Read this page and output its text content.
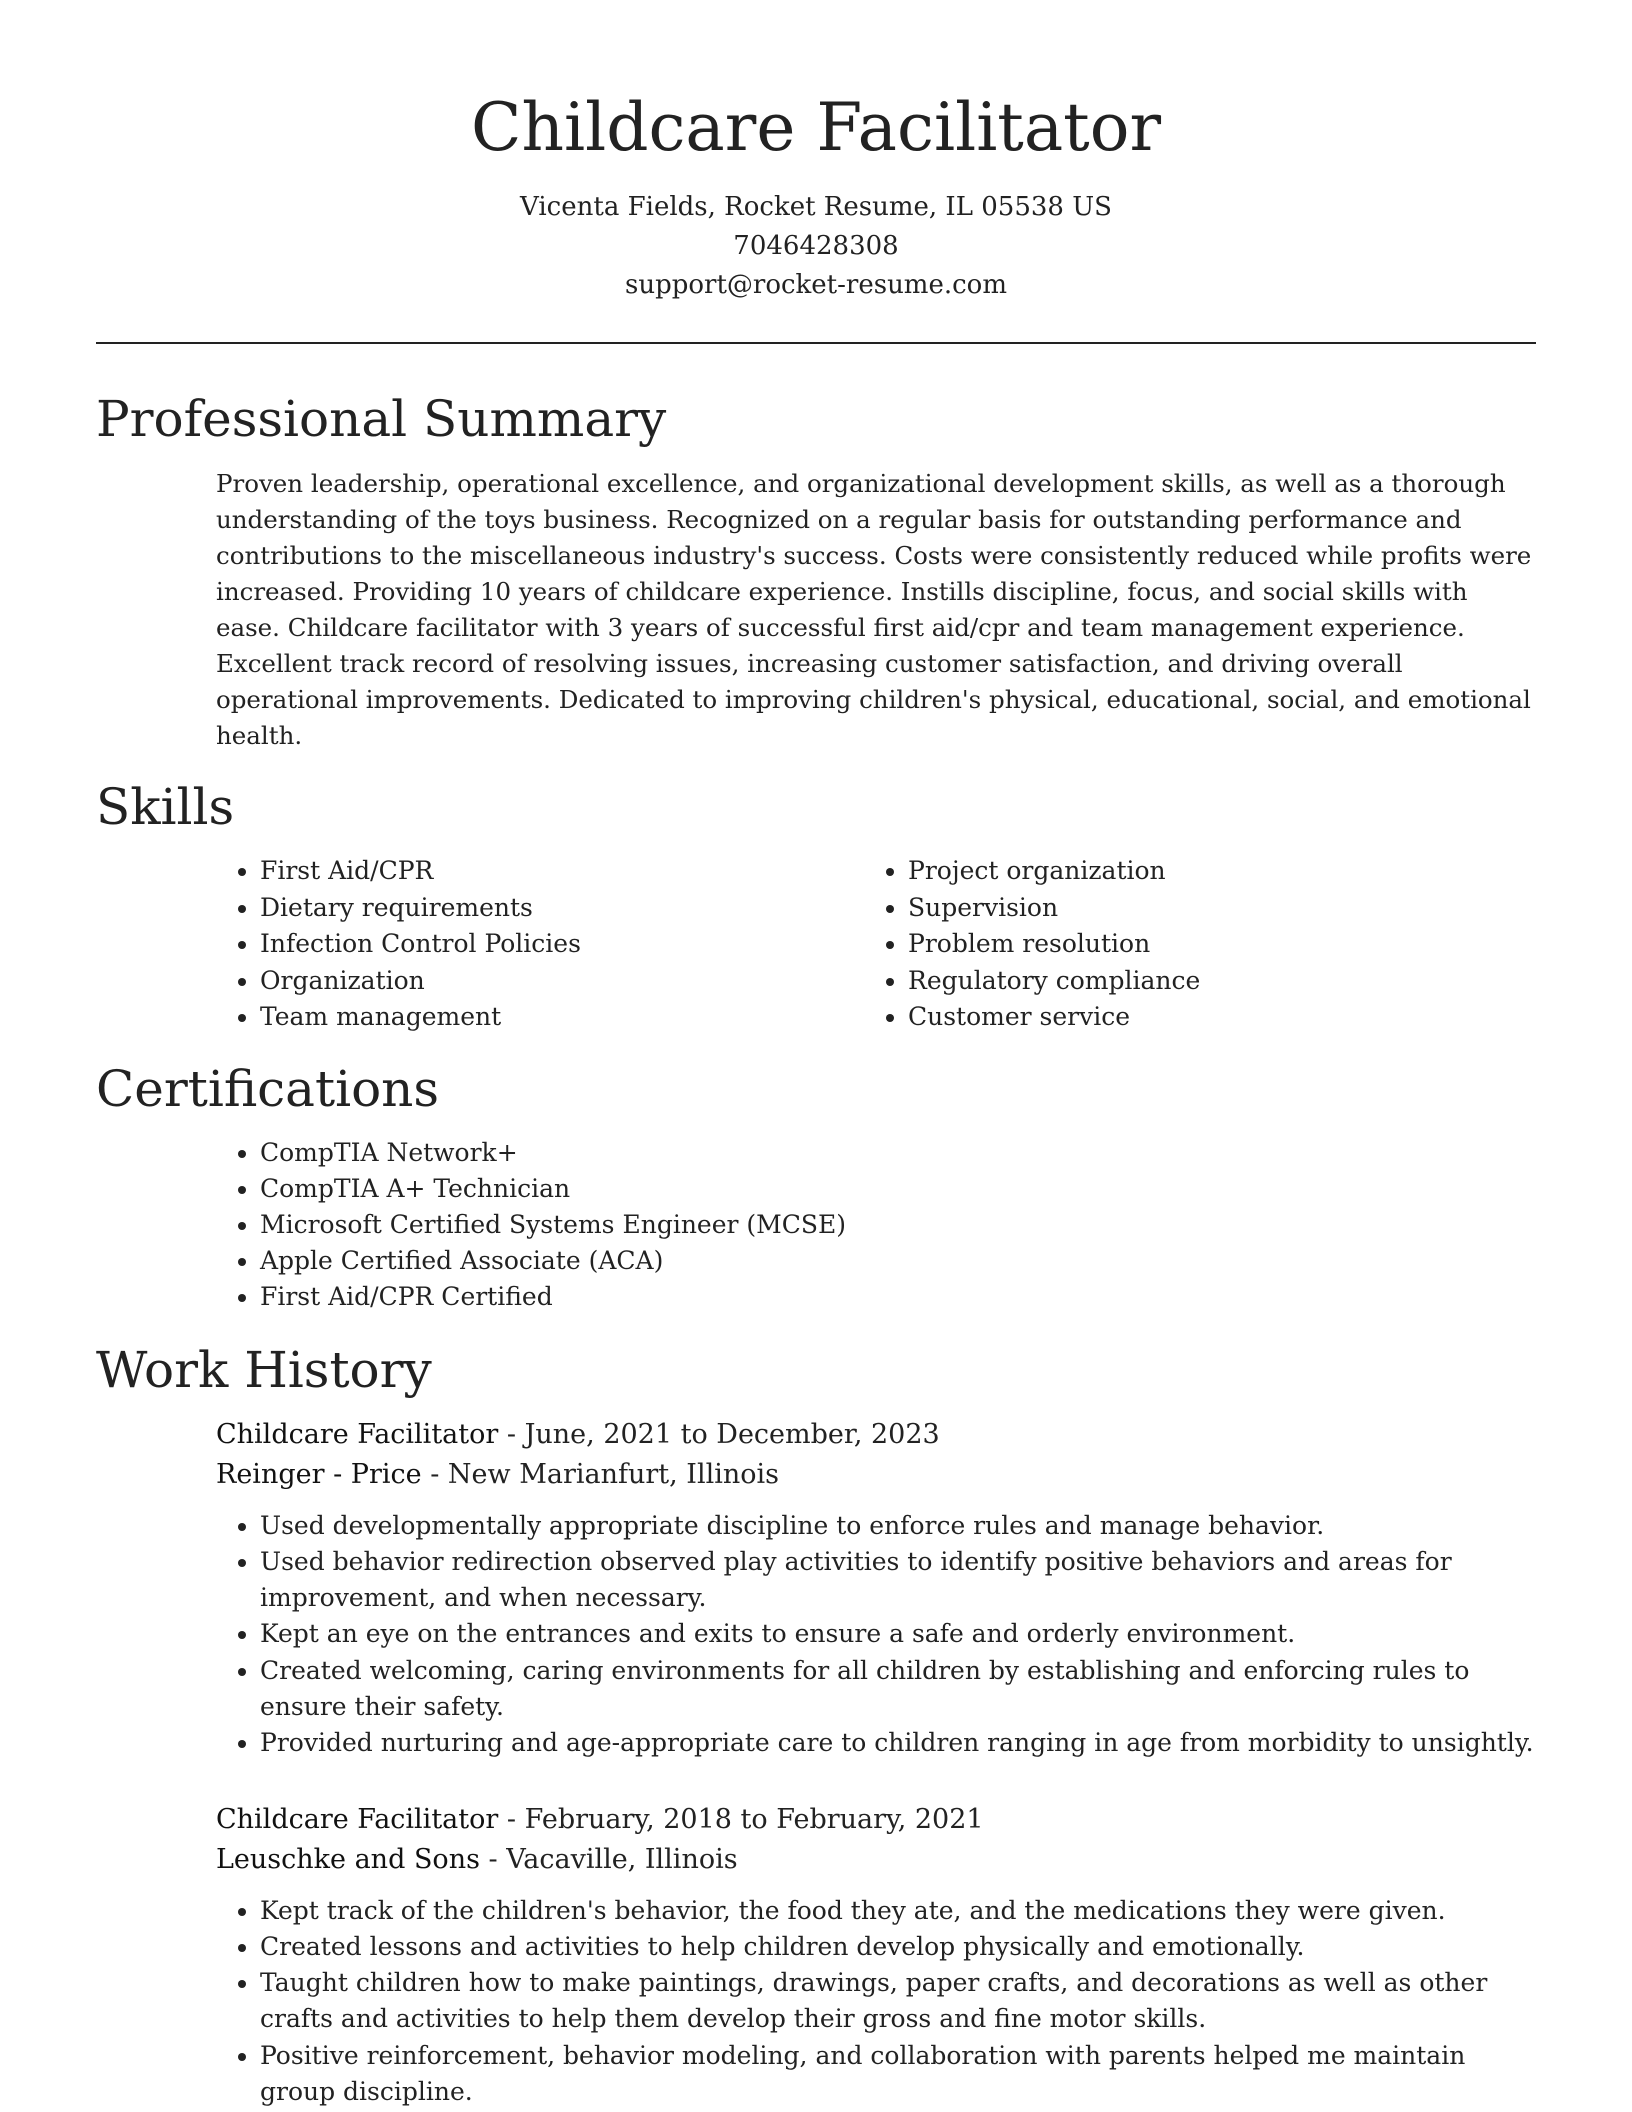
Childcare Facilitator
Vicenta Fields, Rocket Resume, IL 05538 US
7046428308
support@rocket-resume.com
Professional Summary

Proven leadership, operational excellence, and organizational development skills, as well as a thorough understanding of the toys business. Recognized on a regular basis for outstanding performance and contributions to the miscellaneous industry's success. Costs were consistently reduced while profits were increased. Providing 10 years of childcare experience. Instills discipline, focus, and social skills with ease. Childcare facilitator with 3 years of successful first aid/cpr and team management experience. Excellent track record of resolving issues, increasing customer satisfaction, and driving overall operational improvements. Dedicated to improving children's physical, educational, social, and emotional health.

Skills
• First Aid/CPR
• Dietary requirements
• Infection Control Policies
• Organization
• Team management
• Project organization
• Supervision
• Problem resolution
• Regulatory compliance
• Customer service
Certifications
• CompTIA Network+
• CompTIA A+ Technician
• Microsoft Certified Systems Engineer (MCSE)
• Apple Certified Associate (ACA)
• First Aid/CPR Certified
Work History
Childcare Facilitator - June, 2021 to December, 2023
Reinger - Price - New Marianfurt, Illinois
• Used developmentally appropriate discipline to enforce rules and manage behavior.
• Used behavior redirection observed play activities to identify positive behaviors and areas for improvement, and when necessary.
• Kept an eye on the entrances and exits to ensure a safe and orderly environment.
• Created welcoming, caring environments for all children by establishing and enforcing rules to ensure their safety.
• Provided nurturing and age-appropriate care to children ranging in age from morbidity to unsightly.
Childcare Facilitator - February, 2018 to February, 2021
Leuschke and Sons - Vacaville, Illinois
• Kept track of the children's behavior, the food they ate, and the medications they were given.
• Created lessons and activities to help children develop physically and emotionally.
• Taught children how to make paintings, drawings, paper crafts, and decorations as well as other crafts and activities to help them develop their gross and fine motor skills.
• Positive reinforcement, behavior modeling, and collaboration with parents helped me maintain group discipline.
